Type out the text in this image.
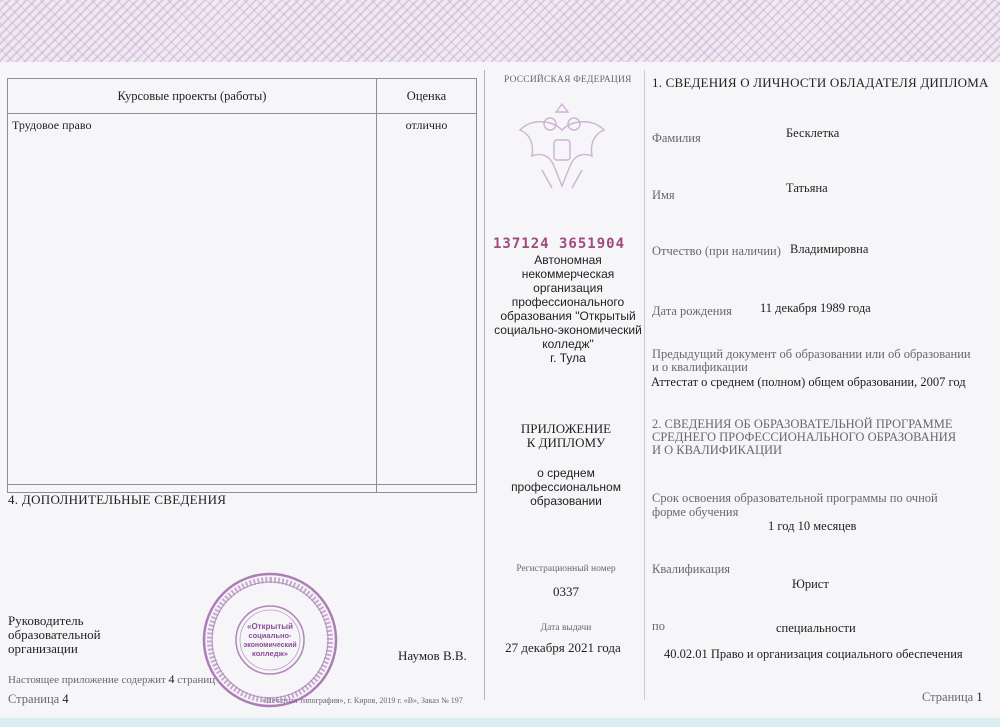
Курсовые проекты (работы)	Оценка
Трудовое право	отлично
4. ДОПОЛНИТЕЛЬНЫЕ СВЕДЕНИЯ
Руководитель
образовательной
организации	Наумов В.В.
Настоящее приложение содержит 4 страниц
Страница 4	«Печатная типография», г. Киров, 2019 г. «В», Заказ № 197
«Открытый
социально-
экономический
колледж»
РОССИЙСКАЯ ФЕДЕРАЦИЯ
137124 3651904
Автономная некоммерческая организация профессионального образования "Открытый социально-экономический колледж"
г. Тула
ПРИЛОЖЕНИЕ
К ДИПЛОМУ
о среднем
профессиональном
образовании
Регистрационный номер
0337
Дата выдачи
27 декабря 2021 года
1. СВЕДЕНИЯ О ЛИЧНОСТИ ОБЛАДАТЕЛЯ ДИПЛОМА
Фамилия	Бесклетка
Имя	Татьяна
Отчество (при наличии) Владимировна
Дата рождения 11 декабря 1989 года
Предыдущий документ об образовании или об образовании
и о квалификации
Аттестат о среднем (полном) общем образовании, 2007 год
2. СВЕДЕНИЯ ОБ ОБРАЗОВАТЕЛЬНОЙ ПРОГРАММЕ
СРЕДНЕГО ПРОФЕССИОНАЛЬНОГО ОБРАЗОВАНИЯ
И О КВАЛИФИКАЦИИ
Срок освоения образовательной программы по очной
форме обучения
1 год 10 месяцев
Квалификация
Юрист
по	специальности
40.02.01 Право и организация социального обеспечения
Страница 1
